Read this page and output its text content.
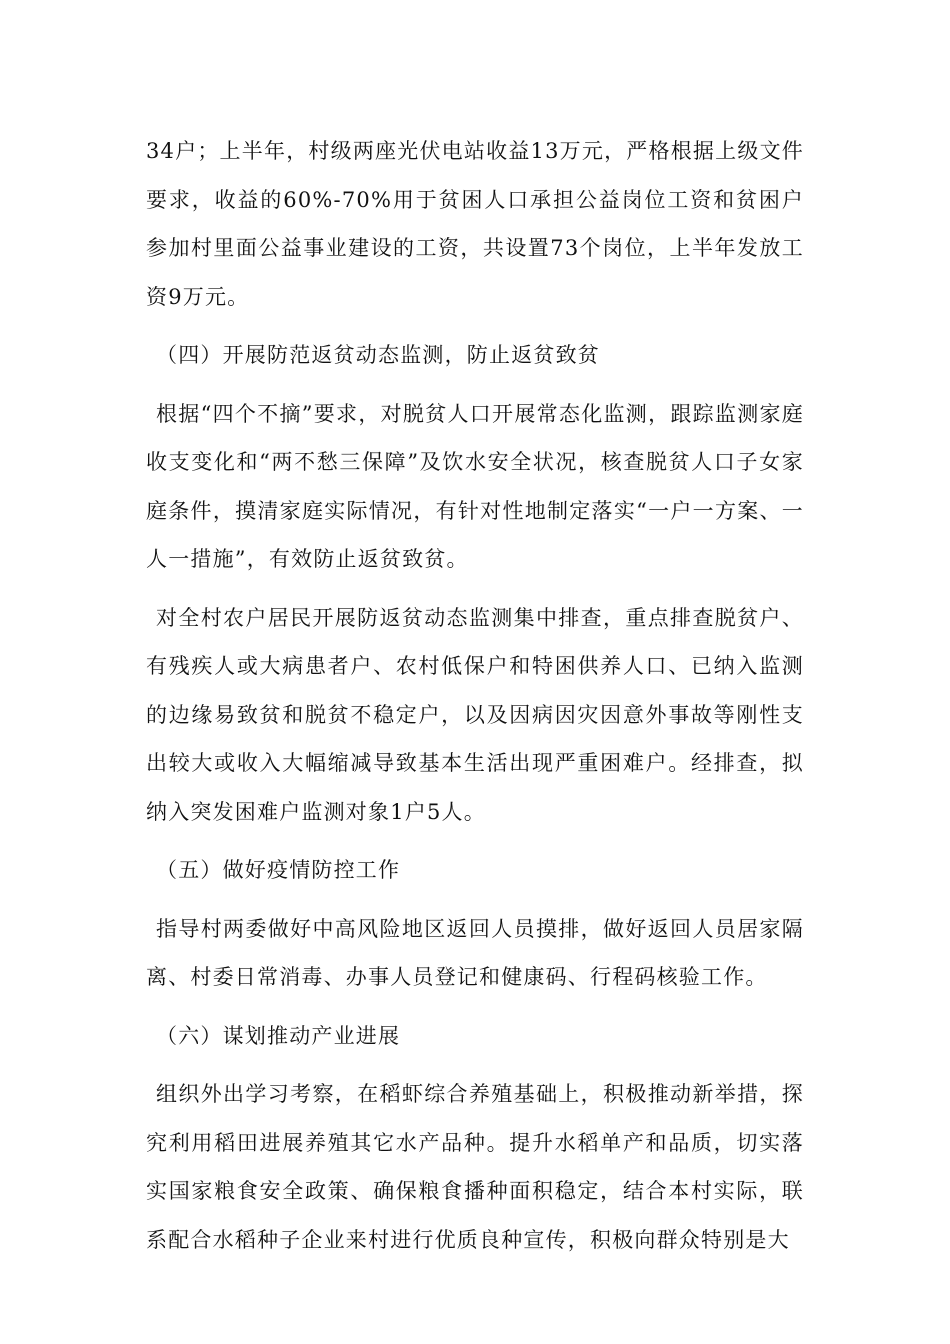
34户；上半年，村级两座光伏电站收益13万元，严格根据上级文件要求，收益的60%-70%用于贫困人口承担公益岗位工资和贫困户参加村里面公益事业建设的工资，共设置73个岗位，上半年发放工资9万元。

（四）开展防范返贫动态监测，防止返贫致贫

根据“四个不摘”要求，对脱贫人口开展常态化监测，跟踪监测家庭收支变化和“两不愁三保障”及饮水安全状况，核查脱贫人口子女家庭条件，摸清家庭实际情况，有针对性地制定落实“一户一方案、一人一措施”，有效防止返贫致贫。

对全村农户居民开展防返贫动态监测集中排查，重点排查脱贫户、有残疾人或大病患者户、农村低保户和特困供养人口、已纳入监测的边缘易致贫和脱贫不稳定户，以及因病因灾因意外事故等刚性支出较大或收入大幅缩减导致基本生活出现严重困难户。经排查，拟纳入突发困难户监测对象1户5人。

（五）做好疫情防控工作

指导村两委做好中高风险地区返回人员摸排，做好返回人员居家隔离、村委日常消毒、办事人员登记和健康码、行程码核验工作。

（六）谋划推动产业进展

组织外出学习考察，在稻虾综合养殖基础上，积极推动新举措，探究利用稻田进展养殖其它水产品种。提升水稻单产和品质，切实落实国家粮食安全政策、确保粮食播种面积稳定，结合本村实际，联系配合水稻种子企业来村进行优质良种宣传，积极向群众特别是大
